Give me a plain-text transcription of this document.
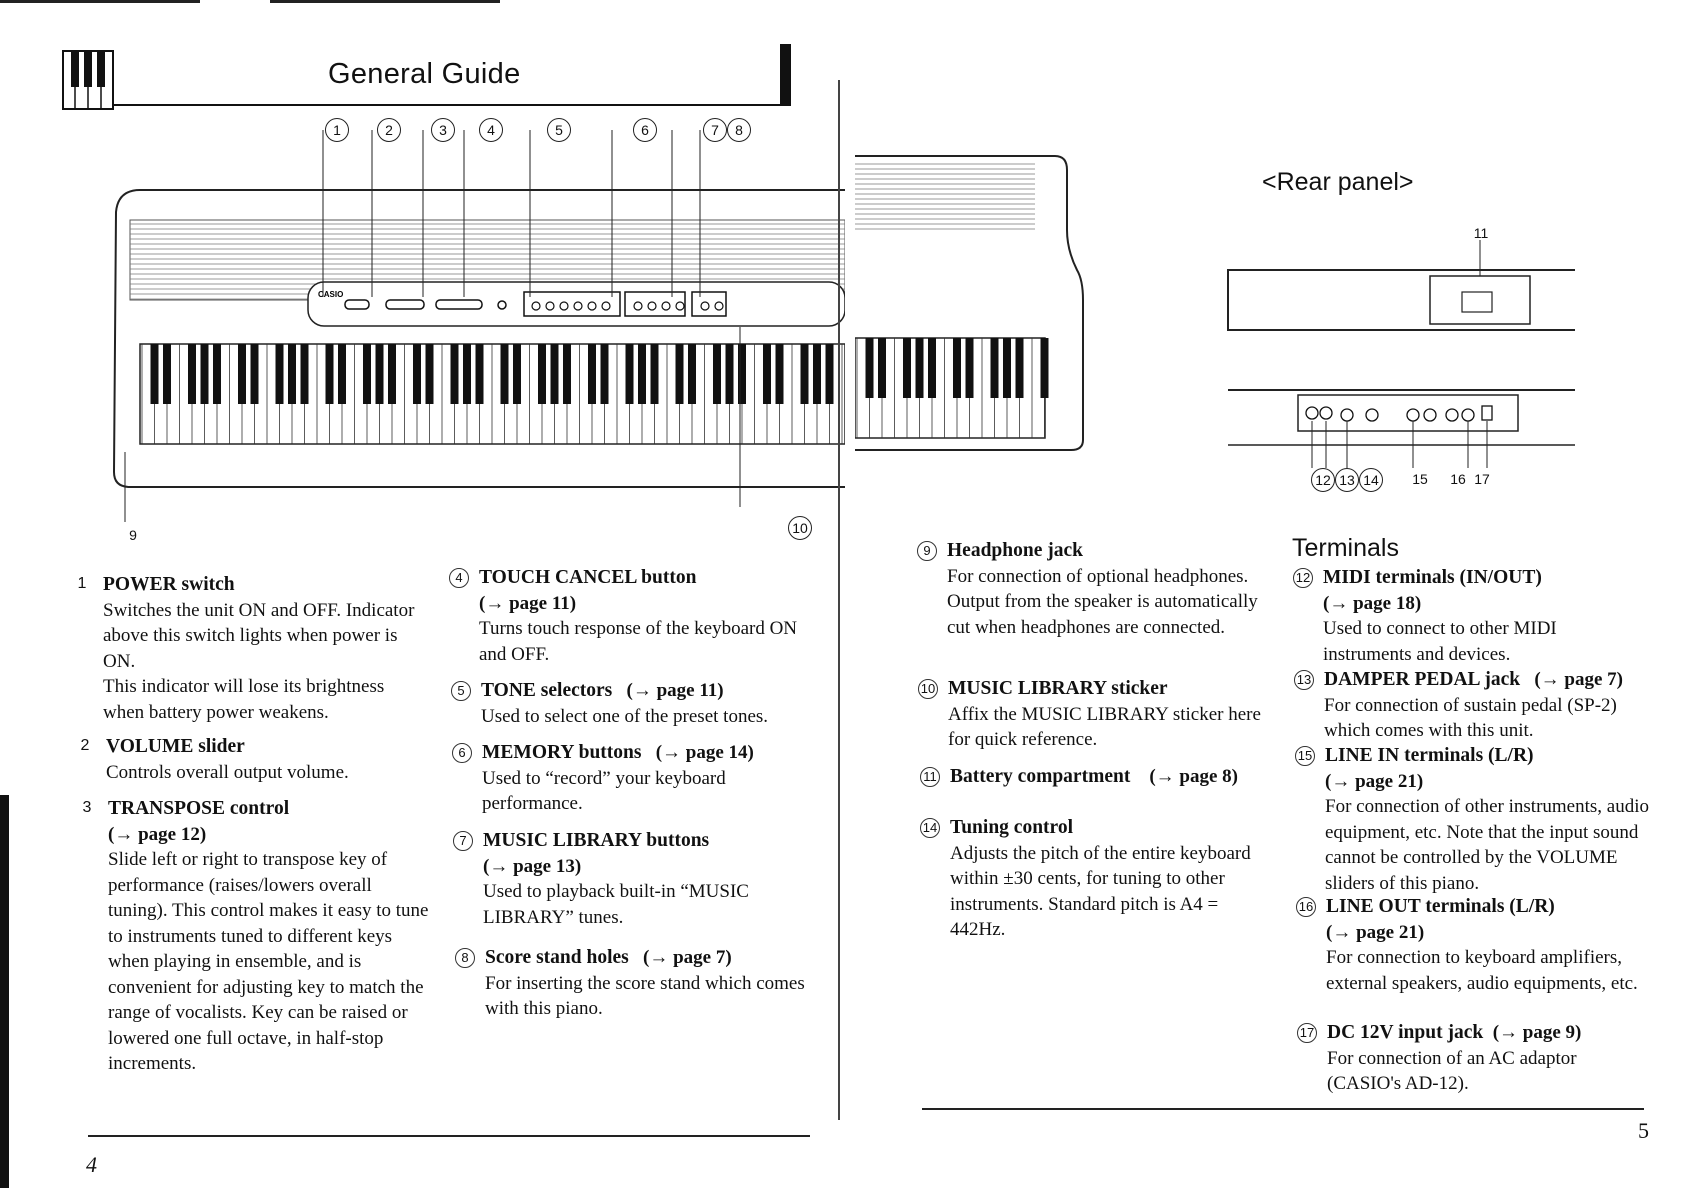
General Guide
CASIO
1	2	3	4	5	6	7	8
9	10
<Rear panel>
11
12 13 14	15 16 17
1 POWER switch
Switches the unit ON and OFF. Indicator above this switch lights when power is ON.
This indicator will lose its brightness when battery power weakens.
2 VOLUME slider
Controls overall output volume.
3 TRANSPOSE control
(→ page 12)
Slide left or right to transpose key of performance (raises/lowers overall tuning). This control makes it easy to tune to instruments tuned to different keys when playing in ensemble, and is convenient for adjusting key to match the range of vocalists. Key can be raised or lowered one full octave, in half-stop increments.
4 TOUCH CANCEL button
(→ page 11)
Turns touch response of the keyboard ON and OFF.
5 TONE selectors (→ page 11)
Used to select one of the preset tones.
6 MEMORY buttons (→ page 14)
Used to “record” your keyboard performance.
7 MUSIC LIBRARY buttons
(→ page 13)
Used to playback built-in “MUSIC LIBRARY” tunes.
8 Score stand holes (→ page 7)
For inserting the score stand which comes with this piano.
9 Headphone jack
For connection of optional headphones. Output from the speaker is automatically cut when headphones are connected.
10 MUSIC LIBRARY sticker
Affix the MUSIC LIBRARY sticker here for quick reference.
11 Battery compartment (→ page 8)
14 Tuning control
Adjusts the pitch of the entire keyboard within ±30 cents, for tuning to other instruments. Standard pitch is A4 = 442Hz.
Terminals
12 MIDI terminals (IN/OUT)
(→ page 18)
Used to connect to other MIDI instruments and devices.
13 DAMPER PEDAL jack (→ page 7)
For connection of sustain pedal (SP-2) which comes with this unit.
15 LINE IN terminals (L/R)
(→ page 21)
For connection of other instruments, audio equipment, etc. Note that the input sound cannot be controlled by the VOLUME sliders of this piano.
16 LINE OUT terminals (L/R)
(→ page 21)
For connection to keyboard amplifiers, external speakers, audio equipments, etc.
17 DC 12V input jack (→ page 9)
For connection of an AC adaptor (CASIO's AD-12).
4
5
